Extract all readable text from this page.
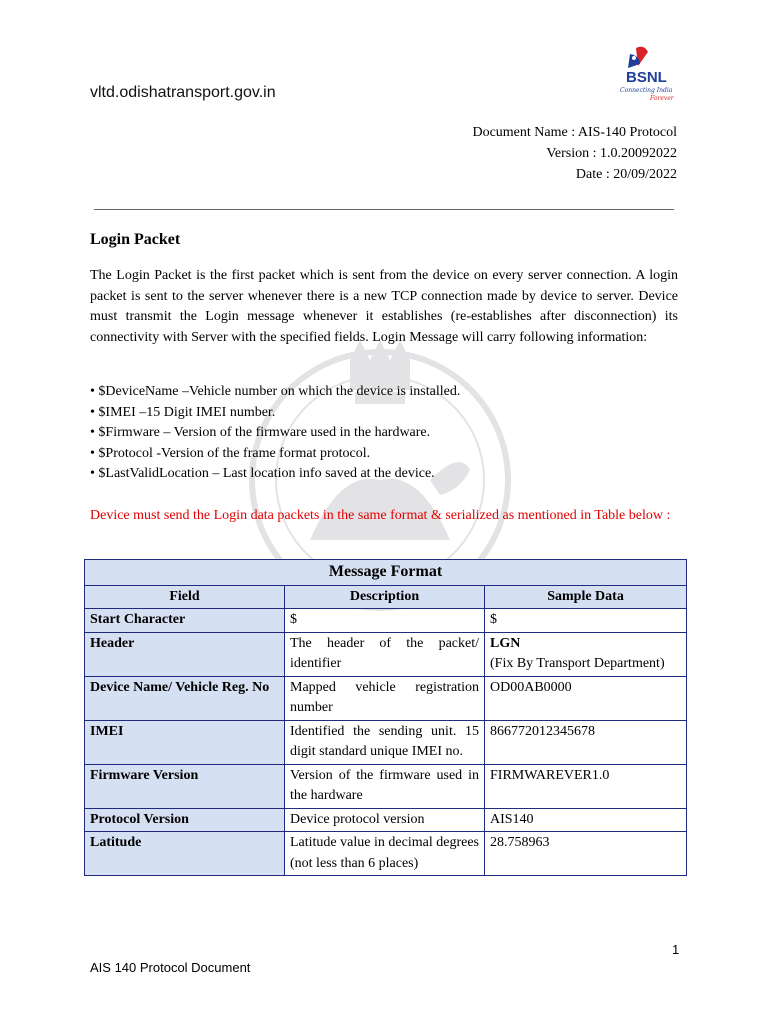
vltd.odishatransport.gov.in
BSNL
Connecting India
Forever
Document Name : AIS-140 Protocol
Version : 1.0.20092022
Date : 20/09/2022
Login Packet
The Login Packet is the first packet which is sent from the device on every server connection. A login packet is sent to the server whenever there is a new TCP connection made by device to server. Device must transmit the Login message whenever it establishes (re-establishes after disconnection) its connectivity with Server with the specified fields. Login Message will carry following information:
• $DeviceName –Vehicle number on which the device is installed.
• $IMEI –15 Digit IMEI number.
• $Firmware – Version of the firmware used in the hardware.
• $Protocol -Version of the frame format protocol.
• $LastValidLocation – Last location info saved at the device.
Device must send the Login data packets in the same format & serialized as mentioned in Table below :
Message Format		
Field	Description	Sample Data
Start Character	$	$
Header	The header of the packet/ identifier	LGN
(Fix By Transport Department)
Device Name/ Vehicle Reg. No	Mapped vehicle registration number	OD00AB0000
IMEI	Identified the sending unit. 15 digit standard unique IMEI no.	866772012345678
Firmware Version	Version of the firmware used in the hardware	FIRMWAREVER1.0
Protocol Version	Device protocol version	AIS140
Latitude	Latitude value in decimal degrees (not less than 6 places)	28.758963
1
AIS 140 Protocol Document
